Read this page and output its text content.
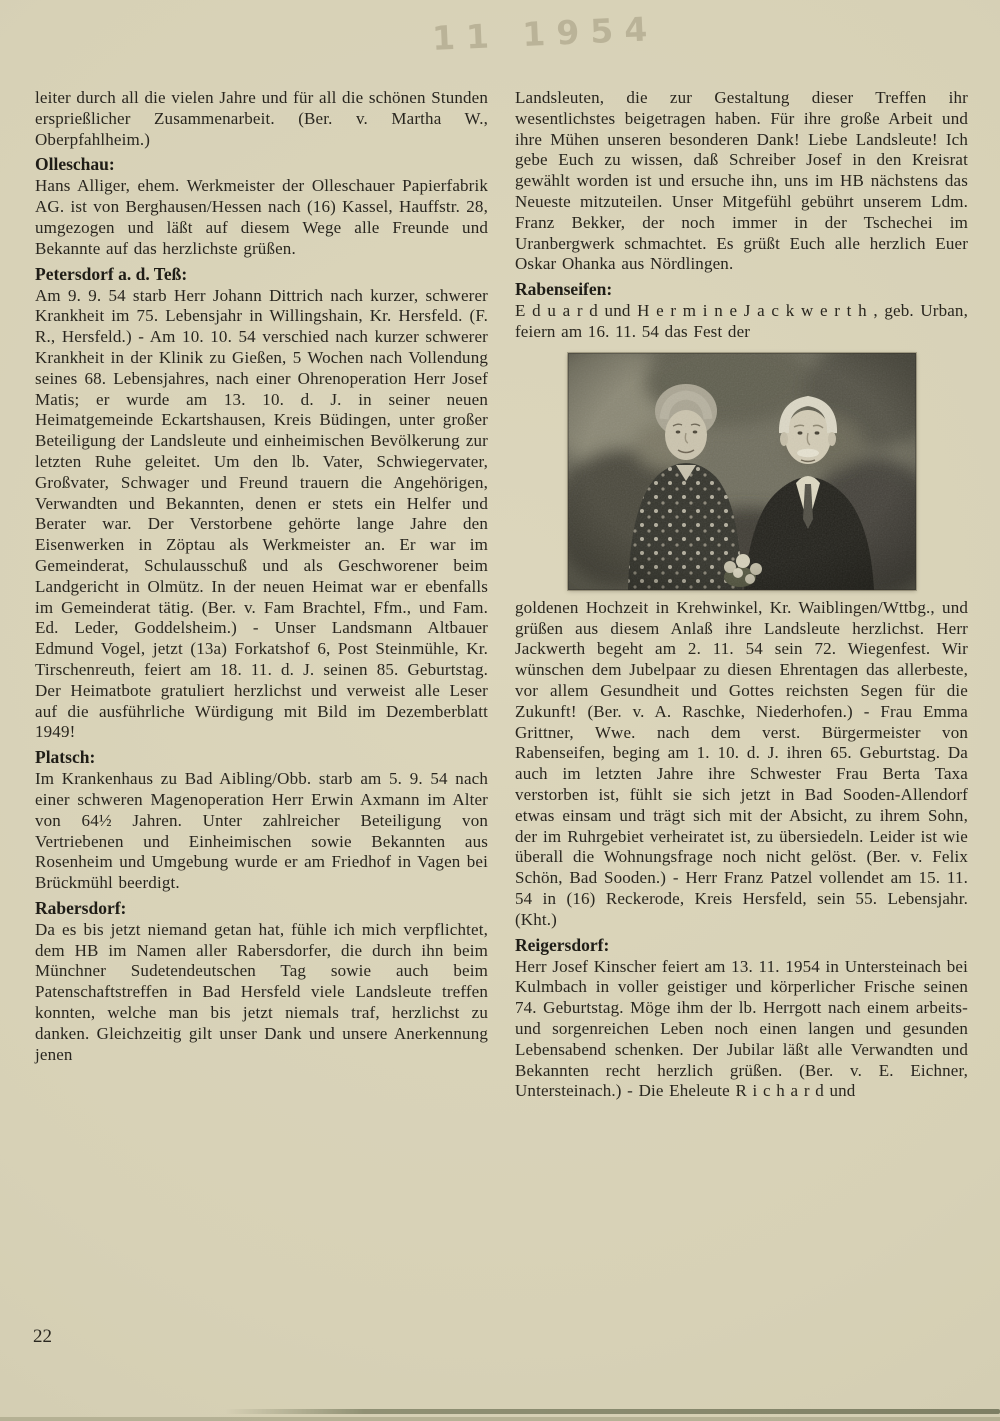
11 1954

leiter durch all die vielen Jahre und für all die schönen Stunden ersprießlicher Zusammenarbeit. (Ber. v. Martha W., Oberpfahlheim.)

Olleschau:

Hans Alliger, ehem. Werkmeister der Olleschauer Papierfabrik AG. ist von Berghausen/Hessen nach (16) Kassel, Hauffstr. 28, umgezogen und läßt auf diesem Wege alle Freunde und Bekannte auf das herzlichste grüßen.

Petersdorf a. d. Teß:

Am 9. 9. 54 starb Herr Johann Dittrich nach kurzer, schwerer Krankheit im 75. Lebensjahr in Willingshain, Kr. Hersfeld. (F. R., Hersfeld.) - Am 10. 10. 54 verschied nach kurzer schwerer Krankheit in der Klinik zu Gießen, 5 Wochen nach Vollendung seines 68. Lebensjahres, nach einer Ohrenoperation Herr Josef Matis; er wurde am 13. 10. d. J. in seiner neuen Heimatgemeinde Eckartshausen, Kreis Büdingen, unter großer Beteiligung der Landsleute und einheimischen Bevölkerung zur letzten Ruhe geleitet. Um den lb. Vater, Schwiegervater, Großvater, Schwager und Freund trauern die Angehörigen, Verwandten und Bekannten, denen er stets ein Helfer und Berater war. Der Verstorbene gehörte lange Jahre den Eisenwerken in Zöptau als Werkmeister an. Er war im Gemeinderat, Schulausschuß und als Geschworener beim Landgericht in Olmütz. In der neuen Heimat war er ebenfalls im Gemeinderat tätig. (Ber. v. Fam Brachtel, Ffm., und Fam. Ed. Leder, Goddelsheim.) - Unser Landsmann Altbauer Edmund Vogel, jetzt (13a) Forkatshof 6, Post Steinmühle, Kr. Tirschenreuth, feiert am 18. 11. d. J. seinen 85. Geburtstag. Der Heimatbote gratuliert herzlichst und verweist alle Leser auf die ausführliche Würdigung mit Bild im Dezemberblatt 1949!

Platsch:

Im Krankenhaus zu Bad Aibling/Obb. starb am 5. 9. 54 nach einer schweren Magenoperation Herr Erwin Axmann im Alter von 64½ Jahren. Unter zahlreicher Beteiligung von Vertriebenen und Einheimischen sowie Bekannten aus Rosenheim und Umgebung wurde er am Friedhof in Vagen bei Brückmühl beerdigt.

Rabersdorf:

Da es bis jetzt niemand getan hat, fühle ich mich verpflichtet, dem HB im Namen aller Rabersdorfer, die durch ihn beim Münchner Sudetendeutschen Tag sowie auch beim Patenschaftstreffen in Bad Hersfeld viele Landsleute treffen konnten, welche man bis jetzt niemals traf, herzlichst zu danken. Gleichzeitig gilt unser Dank und unsere Anerkennung jenen

Landsleuten, die zur Gestaltung dieser Treffen ihr wesentlichstes beigetragen haben. Für ihre große Arbeit und ihre Mühen unseren besonderen Dank! Liebe Landsleute! Ich gebe Euch zu wissen, daß Schreiber Josef in den Kreisrat gewählt worden ist und ersuche ihn, uns im HB nächstens das Neueste mitzuteilen. Unser Mitgefühl gebührt unserem Ldm. Franz Bekker, der noch immer in der Tschechei im Uranbergwerk schmachtet. Es grüßt Euch alle herzlich Euer Oskar Ohanka aus Nördlingen.

Rabenseifen:

E d u a r d und H e r m i n e J a c k w e r t h , geb. Urban, feiern am 16. 11. 54 das Fest der

goldenen Hochzeit in Krehwinkel, Kr. Waiblingen/Wttbg., und grüßen aus diesem Anlaß ihre Landsleute herzlichst. Herr Jackwerth begeht am 2. 11. 54 sein 72. Wiegenfest. Wir wünschen dem Jubelpaar zu diesen Ehrentagen das allerbeste, vor allem Gesundheit und Gottes reichsten Segen für die Zukunft! (Ber. v. A. Raschke, Niederhofen.) - Frau Emma Grittner, Wwe. nach dem verst. Bürgermeister von Rabenseifen, beging am 1. 10. d. J. ihren 65. Geburtstag. Da auch im letzten Jahre ihre Schwester Frau Berta Taxa verstorben ist, fühlt sie sich jetzt in Bad Sooden-Allendorf etwas einsam und trägt sich mit der Absicht, zu ihrem Sohn, der im Ruhrgebiet verheiratet ist, zu übersiedeln. Leider ist wie überall die Wohnungsfrage noch nicht gelöst. (Ber. v. Felix Schön, Bad Sooden.) - Herr Franz Patzel vollendet am 15. 11. 54 in (16) Reckerode, Kreis Hersfeld, sein 55. Lebensjahr. (Kht.)

Reigersdorf:

Herr Josef Kinscher feiert am 13. 11. 1954 in Untersteinach bei Kulmbach in voller geistiger und körperlicher Frische seinen 74. Geburtstag. Möge ihm der lb. Herrgott nach einem arbeits- und sorgenreichen Leben noch einen langen und gesunden Lebensabend schenken. Der Jubilar läßt alle Verwandten und Bekannten recht herzlich grüßen. (Ber. v. E. Eichner, Untersteinach.) - Die Eheleute R i c h a r d und

22
